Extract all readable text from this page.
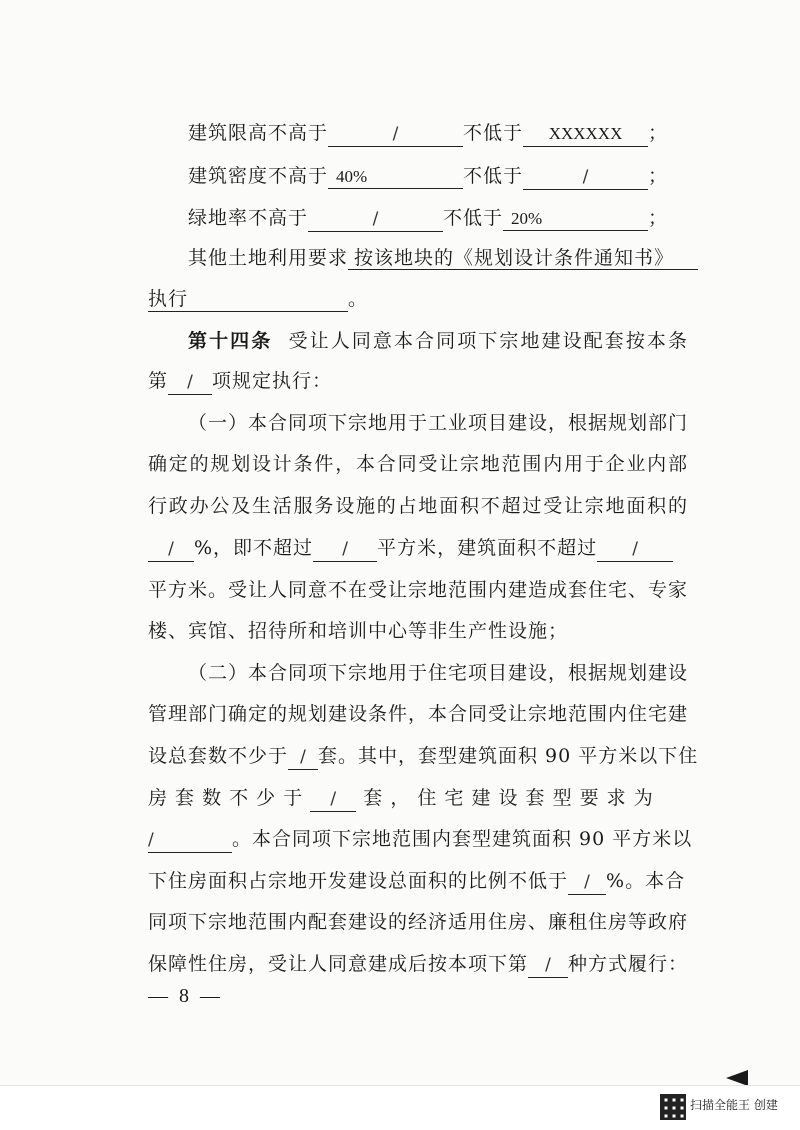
建筑限高不高于	/	不低于 XXXXXX ；
建筑密度不高于 40%	不低于	/	；
绿地率不高于	/	不低于 20%	；
其他土地利用要求 按该地块的《规划设计条件通知书》
执行	。
第十四条 受让人同意本合同项下宗地建设配套按本条
第 / 项规定执行：
（一）本合同项下宗地用于工业项目建设，根据规划部门
确定的规划设计条件，本合同受让宗地范围内用于企业内部
行政办公及生活服务设施的占地面积不超过受让宗地面积的
/ %，即不超过 / 平方米，建筑面积不超过 /
平方米。受让人同意不在受让宗地范围内建造成套住宅、专家
楼、宾馆、招待所和培训中心等非生产性设施；
（二）本合同项下宗地用于住宅项目建设，根据规划建设
管理部门确定的规划建设条件，本合同受让宗地范围内住宅建
设总套数不少于 / 套。其中，套型建筑面积 90 平方米以下住
房 套 数 不 少 于 / 套 ， 住 宅 建 设 套 型 要 求 为
/	。本合同项下宗地范围内套型建筑面积 90 平方米以
下住房面积占宗地开发建设总面积的比例不低于 / %。本合
同项下宗地范围内配套建设的经济适用住房、廉租住房等政府
保障性住房，受让人同意建成后按本项下第 / 种方式履行：
— 8 —
扫描全能王 创建
